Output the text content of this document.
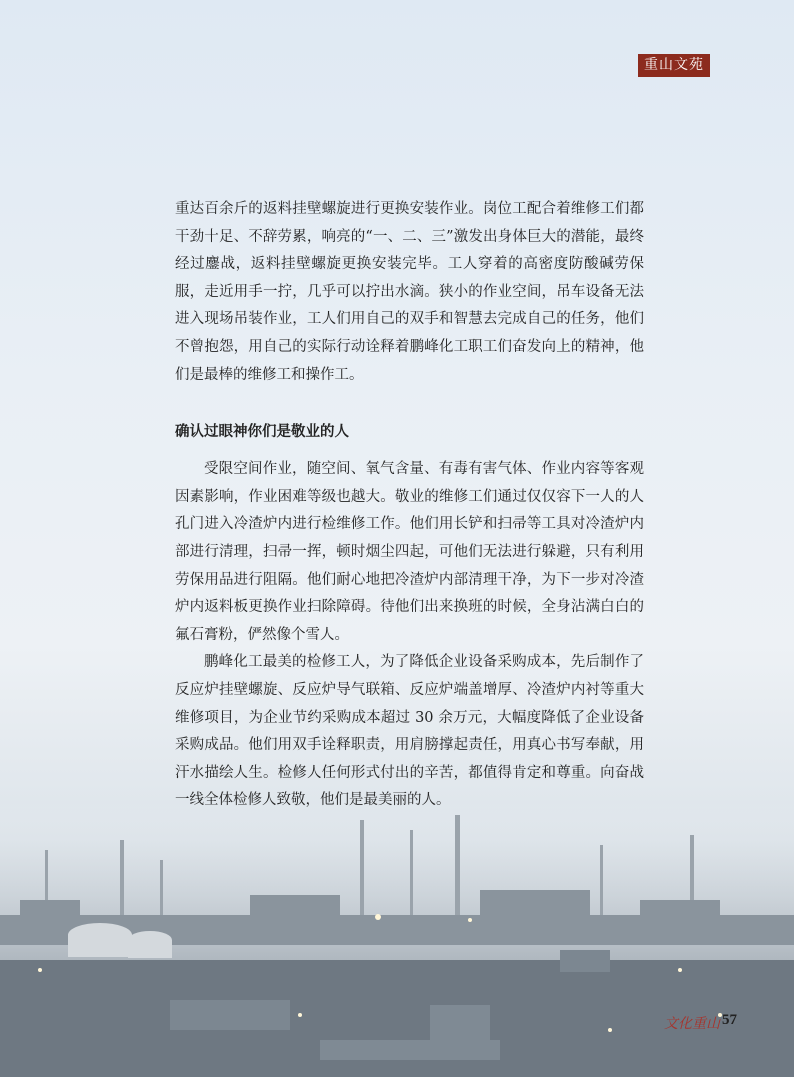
重山文苑

重达百余斤的返料挂壁螺旋进行更换安装作业。岗位工配合着维修工们都干劲十足、不辞劳累，响亮的“一、二、三”激发出身体巨大的潜能，最终经过鏖战，返料挂壁螺旋更换安装完毕。工人穿着的高密度防酸碱劳保服，走近用手一拧，几乎可以拧出水滴。狭小的作业空间，吊车设备无法进入现场吊装作业，工人们用自己的双手和智慧去完成自己的任务，他们不曾抱怨，用自己的实际行动诠释着鹏峰化工职工们奋发向上的精神，他们是最棒的维修工和操作工。

确认过眼神你们是敬业的人

受限空间作业，随空间、氧气含量、有毒有害气体、作业内容等客观因素影响，作业困难等级也越大。敬业的维修工们通过仅仅容下一人的人孔门进入冷渣炉内进行检维修工作。他们用长铲和扫帚等工具对冷渣炉内部进行清理，扫帚一挥，顿时烟尘四起，可他们无法进行躲避，只有利用劳保用品进行阻隔。他们耐心地把冷渣炉内部清理干净，为下一步对冷渣炉内返料板更换作业扫除障碍。待他们出来换班的时候，全身沾满白白的氟石膏粉，俨然像个雪人。

鹏峰化工最美的检修工人，为了降低企业设备采购成本，先后制作了反应炉挂壁螺旋、反应炉导气联箱、反应炉端盖增厚、冷渣炉内衬等重大维修项目，为企业节约采购成本超过 30 余万元，大幅度降低了企业设备采购成品。他们用双手诠释职责，用肩膀撑起责任，用真心书写奉献，用汗水描绘人生。检修人任何形式付出的辛苦，都值得肯定和尊重。向奋战

文化重山 57
